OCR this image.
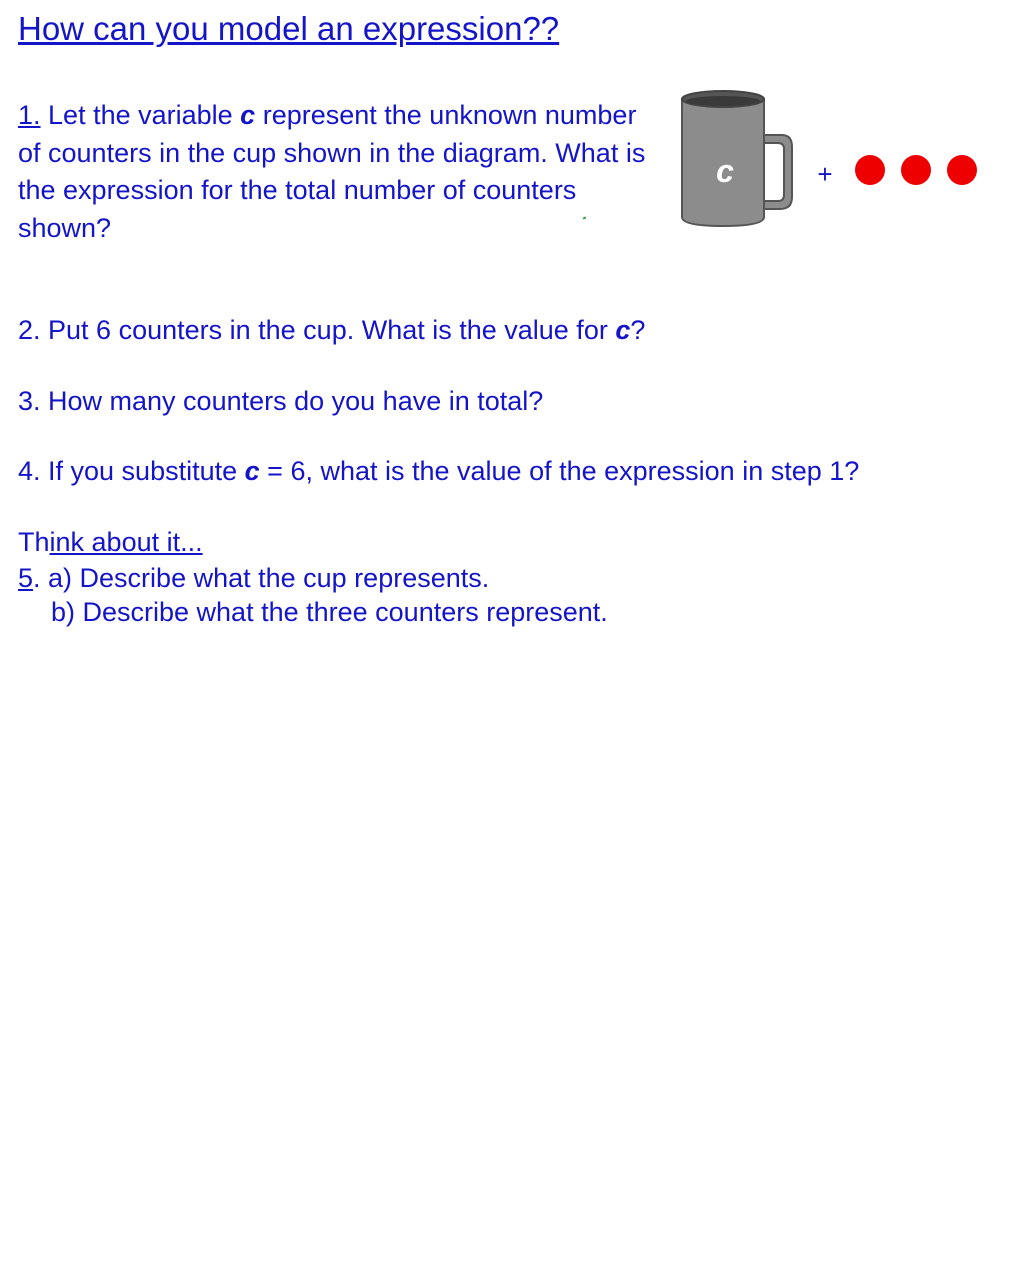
How can you model an expression??
1. Let the variable c represent the unknown number of counters in the cup shown in the diagram. What is the expression for the total number of counters shown?
c	+
2. Put 6 counters in the cup. What is the value for c?
3. How many counters do you have in total?
4. If you substitute c = 6, what is the value of the expression in step 1?
Think about it...
5. a) Describe what the cup represents.
b) Describe what the three counters represent.
